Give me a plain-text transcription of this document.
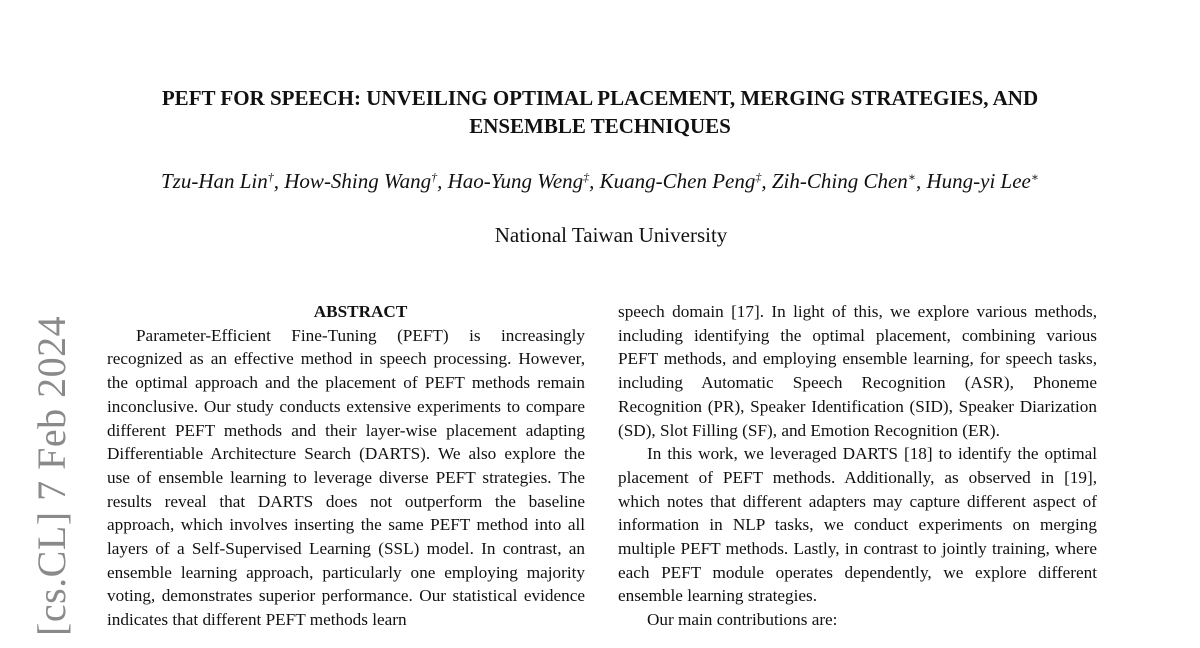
[cs.CL] 7 Feb 2024
PEFT FOR SPEECH: UNVEILING OPTIMAL PLACEMENT, MERGING STRATEGIES, AND
ENSEMBLE TECHNIQUES
Tzu-Han Lin†, How-Shing Wang†, Hao-Yung Weng‡, Kuang-Chen Peng‡, Zih-Ching Chen∗, Hung-yi Lee∗
National Taiwan University

ABSTRACT

Parameter-Efficient Fine-Tuning (PEFT) is increasingly recognized as an effective method in speech processing. However, the optimal approach and the placement of PEFT methods remain inconclusive. Our study conducts extensive experiments to compare different PEFT methods and their layer-wise placement adapting Differentiable Architecture Search (DARTS). We also explore the use of ensemble learning to leverage diverse PEFT strategies. The results reveal that DARTS does not outperform the baseline approach, which involves inserting the same PEFT method into all layers of a Self-Supervised Learning (SSL) model. In contrast, an ensemble learning approach, particularly one employing majority voting, demonstrates superior performance. Our statistical evidence indicates that different PEFT methods learn

speech domain [17]. In light of this, we explore various methods, including identifying the optimal placement, combining various PEFT methods, and employing ensemble learning, for speech tasks, including Automatic Speech Recognition (ASR), Phoneme Recognition (PR), Speaker Identification (SID), Speaker Diarization (SD), Slot Filling (SF), and Emotion Recognition (ER).

In this work, we leveraged DARTS [18] to identify the optimal placement of PEFT methods. Additionally, as observed in [19], which notes that different adapters may capture different aspect of information in NLP tasks, we conduct experiments on merging multiple PEFT methods. Lastly, in contrast to jointly training, where each PEFT module operates dependently, we explore different ensemble learning strategies.

Our main contributions are:
